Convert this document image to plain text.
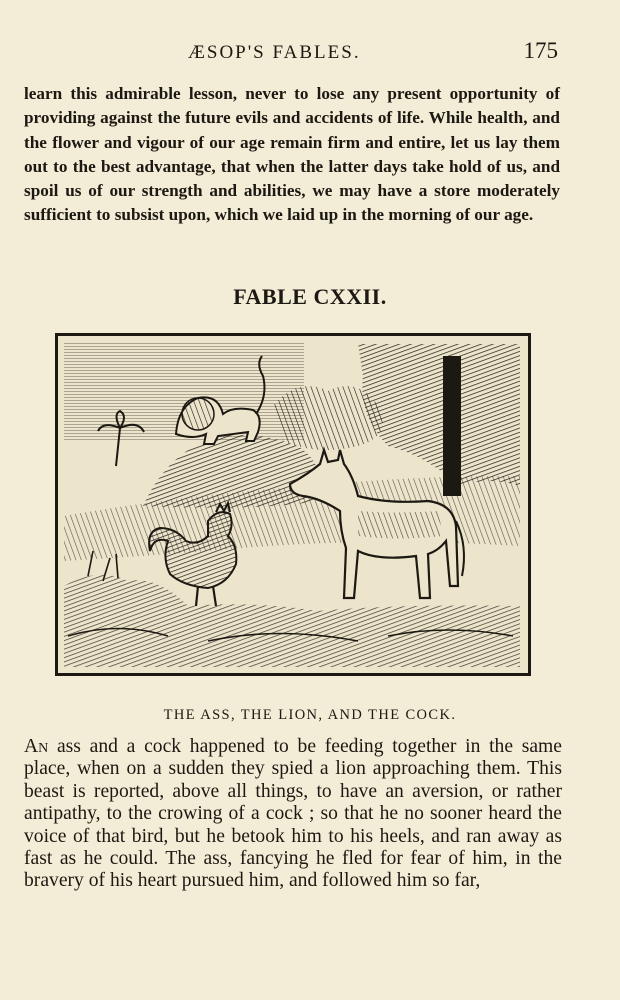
ÆSOP'S FABLES.	175

learn this admirable lesson, never to lose any present opportunity of providing against the future evils and accidents of life. While health, and the flower and vigour of our age remain firm and entire, let us lay them out to the best advantage, that when the latter days take hold of us, and spoil us of our strength and abilities, we may have a store moderately sufficient to subsist upon, which we laid up in the morning of our age.

FABLE CXXII.

THE ASS, THE LION, AND THE COCK.

An ass and a cock happened to be feeding together in the same place, when on a sudden they spied a lion approaching them. This beast is reported, above all things, to have an aversion, or rather antipathy, to the crowing of a cock ; so that he no sooner heard the voice of that bird, but he betook him to his heels, and ran away as fast as he could. The ass, fancying he fled for fear of him, in the bravery of his heart pursued him, and followed him so far,
